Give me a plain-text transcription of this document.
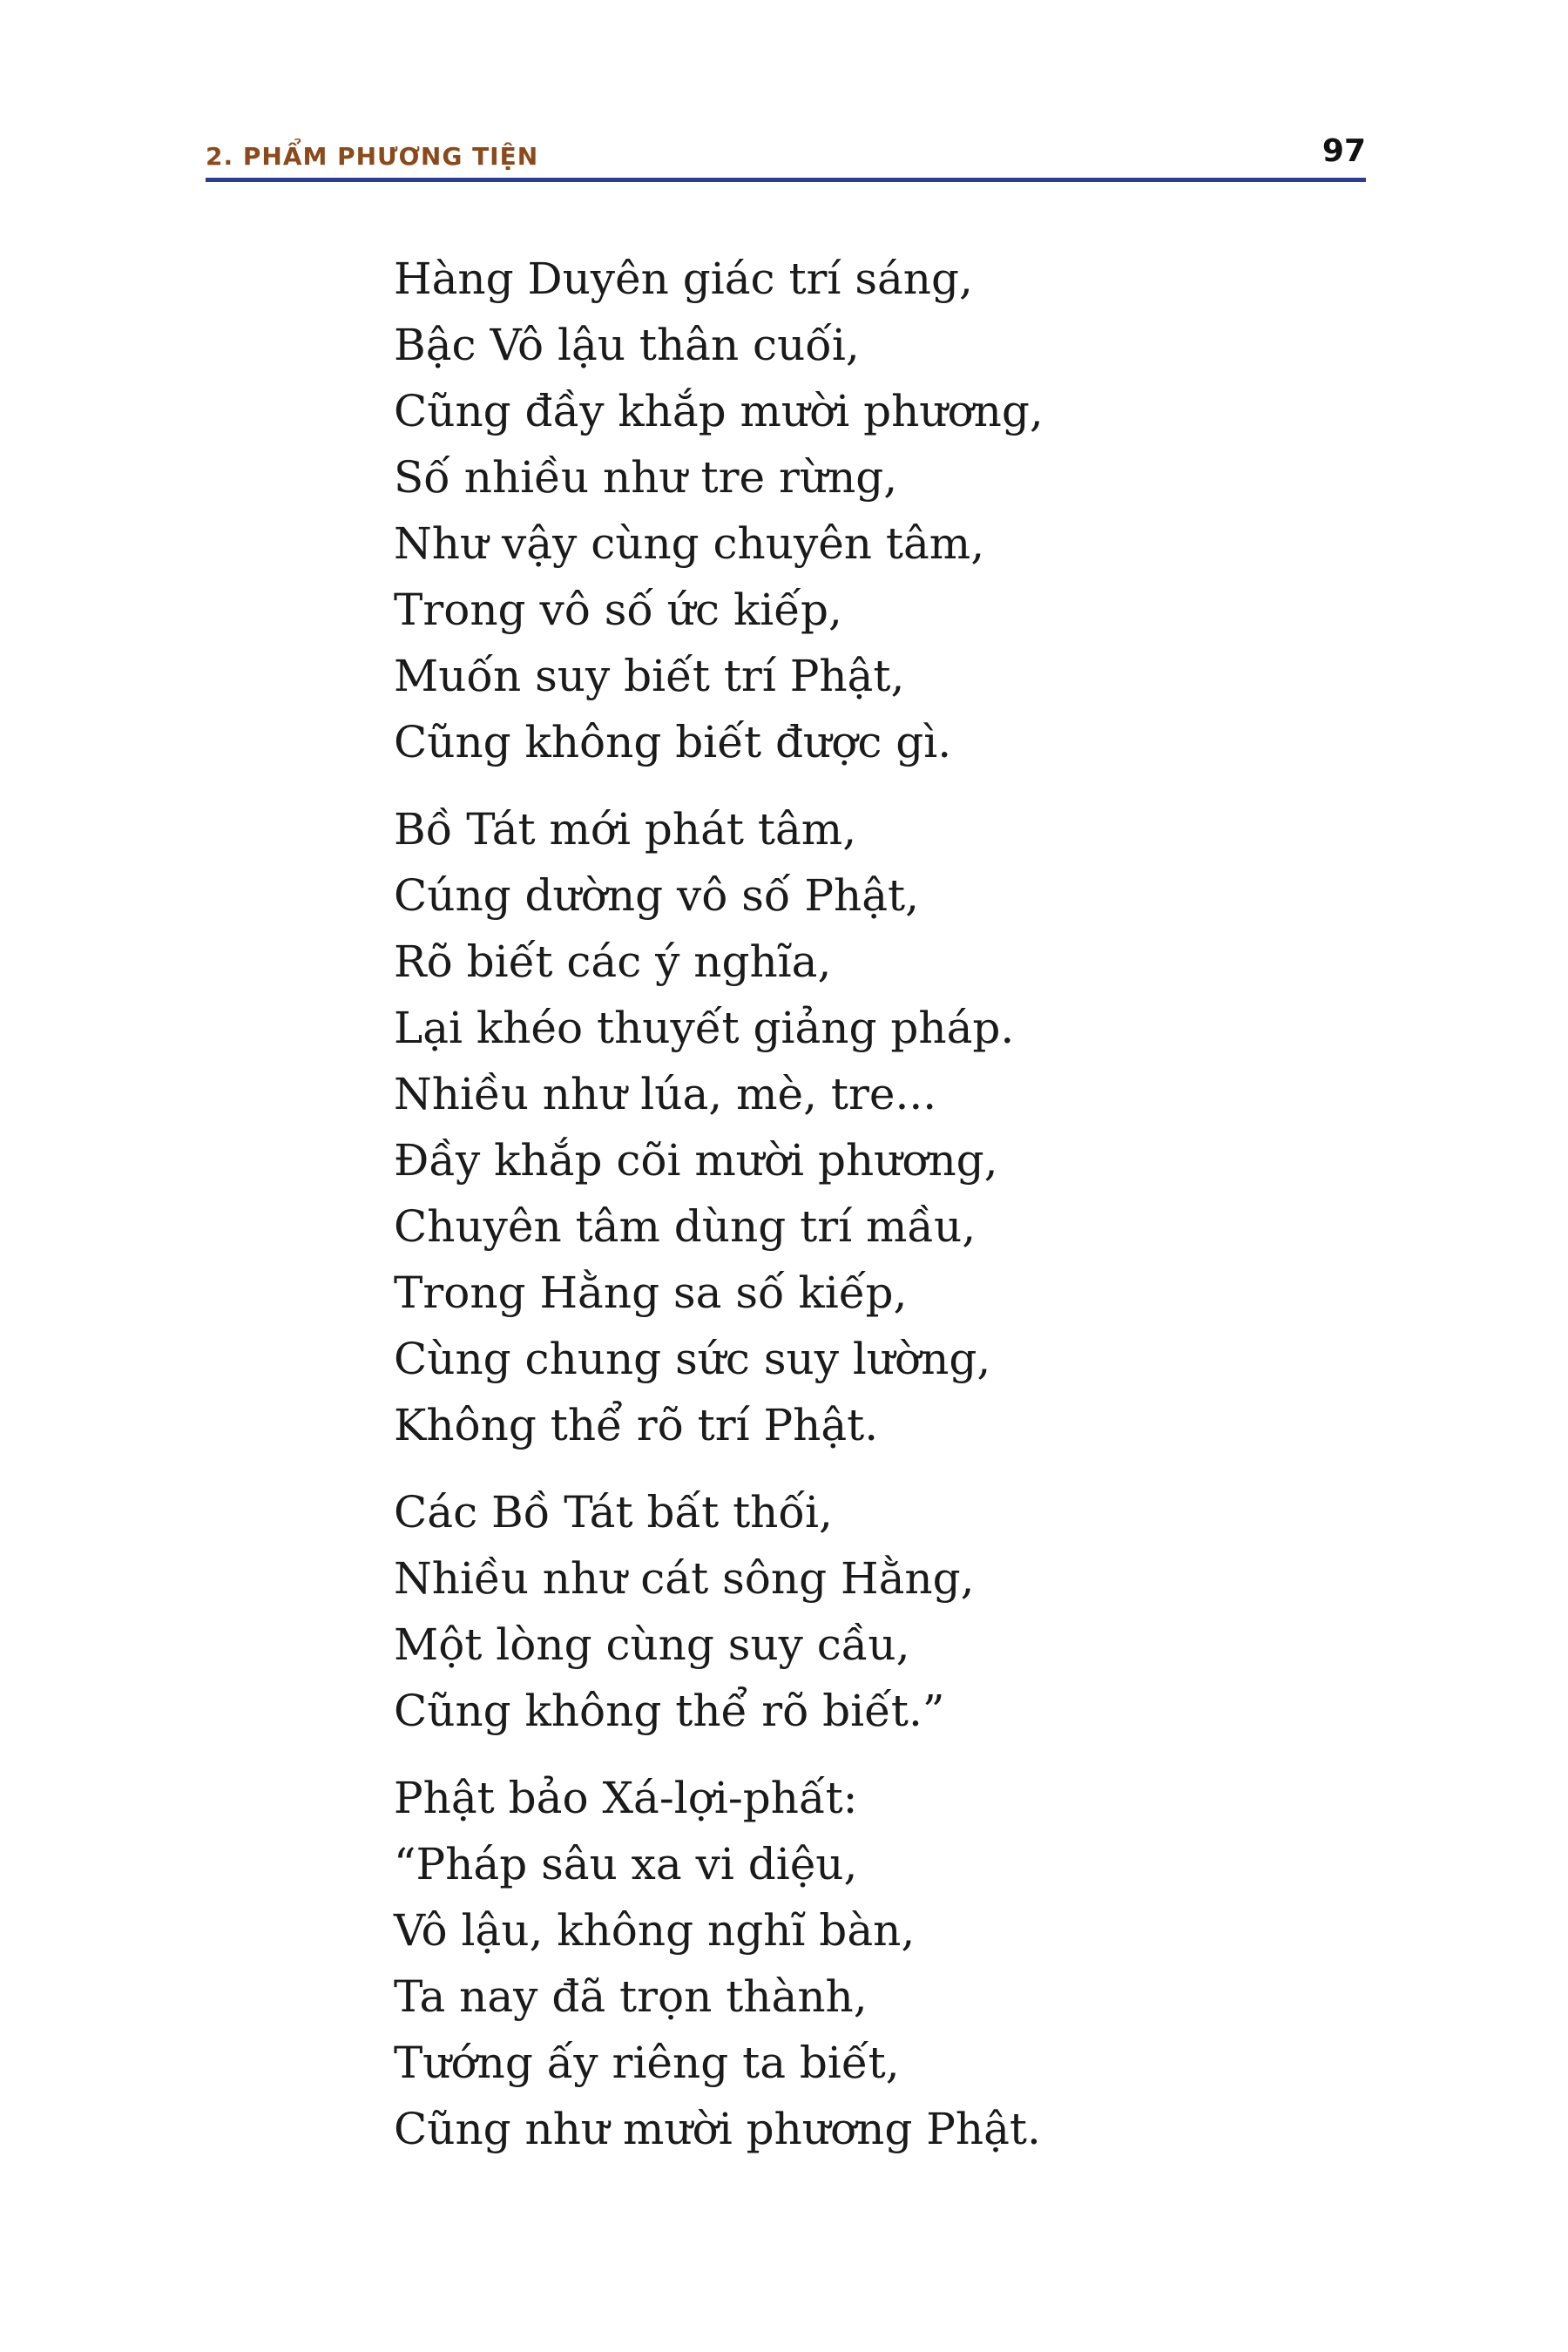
2. PHẨM PHƯƠNG TIỆN	97
Hàng Duyên giác trí sáng,
Bậc Vô lậu thân cuối,
Cũng đầy khắp mười phương,
Số nhiều như tre rừng,
Như vậy cùng chuyên tâm,
Trong vô số ức kiếp,
Muốn suy biết trí Phật,
Cũng không biết được gì.
Bồ Tát mới phát tâm,
Cúng dường vô số Phật,
Rõ biết các ý nghĩa,
Lại khéo thuyết giảng pháp.
Nhiều như lúa, mè, tre...
Đầy khắp cõi mười phương,
Chuyên tâm dùng trí mầu,
Trong Hằng sa số kiếp,
Cùng chung sức suy lường,
Không thể rõ trí Phật.
Các Bồ Tát bất thối,
Nhiều như cát sông Hằng,
Một lòng cùng suy cầu,
Cũng không thể rõ biết.”
Phật bảo Xá-lợi-phất:
“Pháp sâu xa vi diệu,
Vô lậu, không nghĩ bàn,
Ta nay đã trọn thành,
Tướng ấy riêng ta biết,
Cũng như mười phương Phật.
